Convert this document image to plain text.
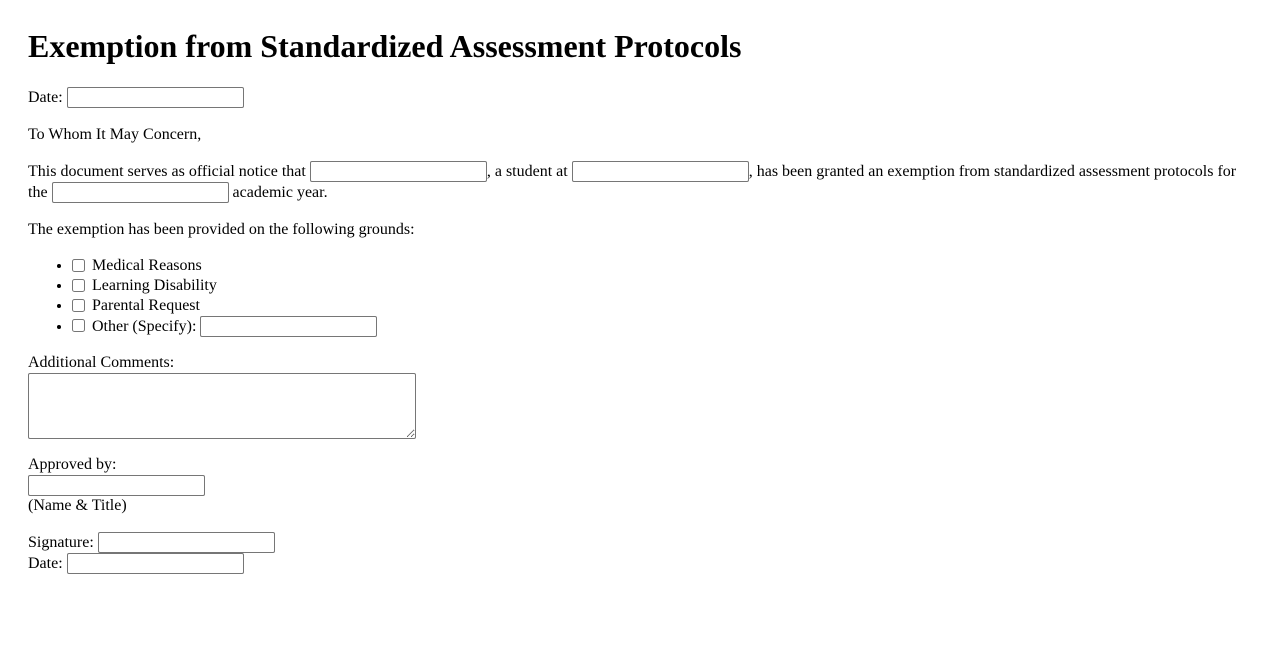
Exemption from Standardized Assessment Protocols

Date:

To Whom It May Concern,

This document serves as official notice that	, a student at	, has been granted an exemption from standardized assessment protocols for the	academic year.

The exemption has been provided on the following grounds:

• Medical Reasons
• Learning Disability
• Parental Request
• Other (Specify):
Additional Comments:

Approved by:

(Name & Title)
Signature:
Date:
